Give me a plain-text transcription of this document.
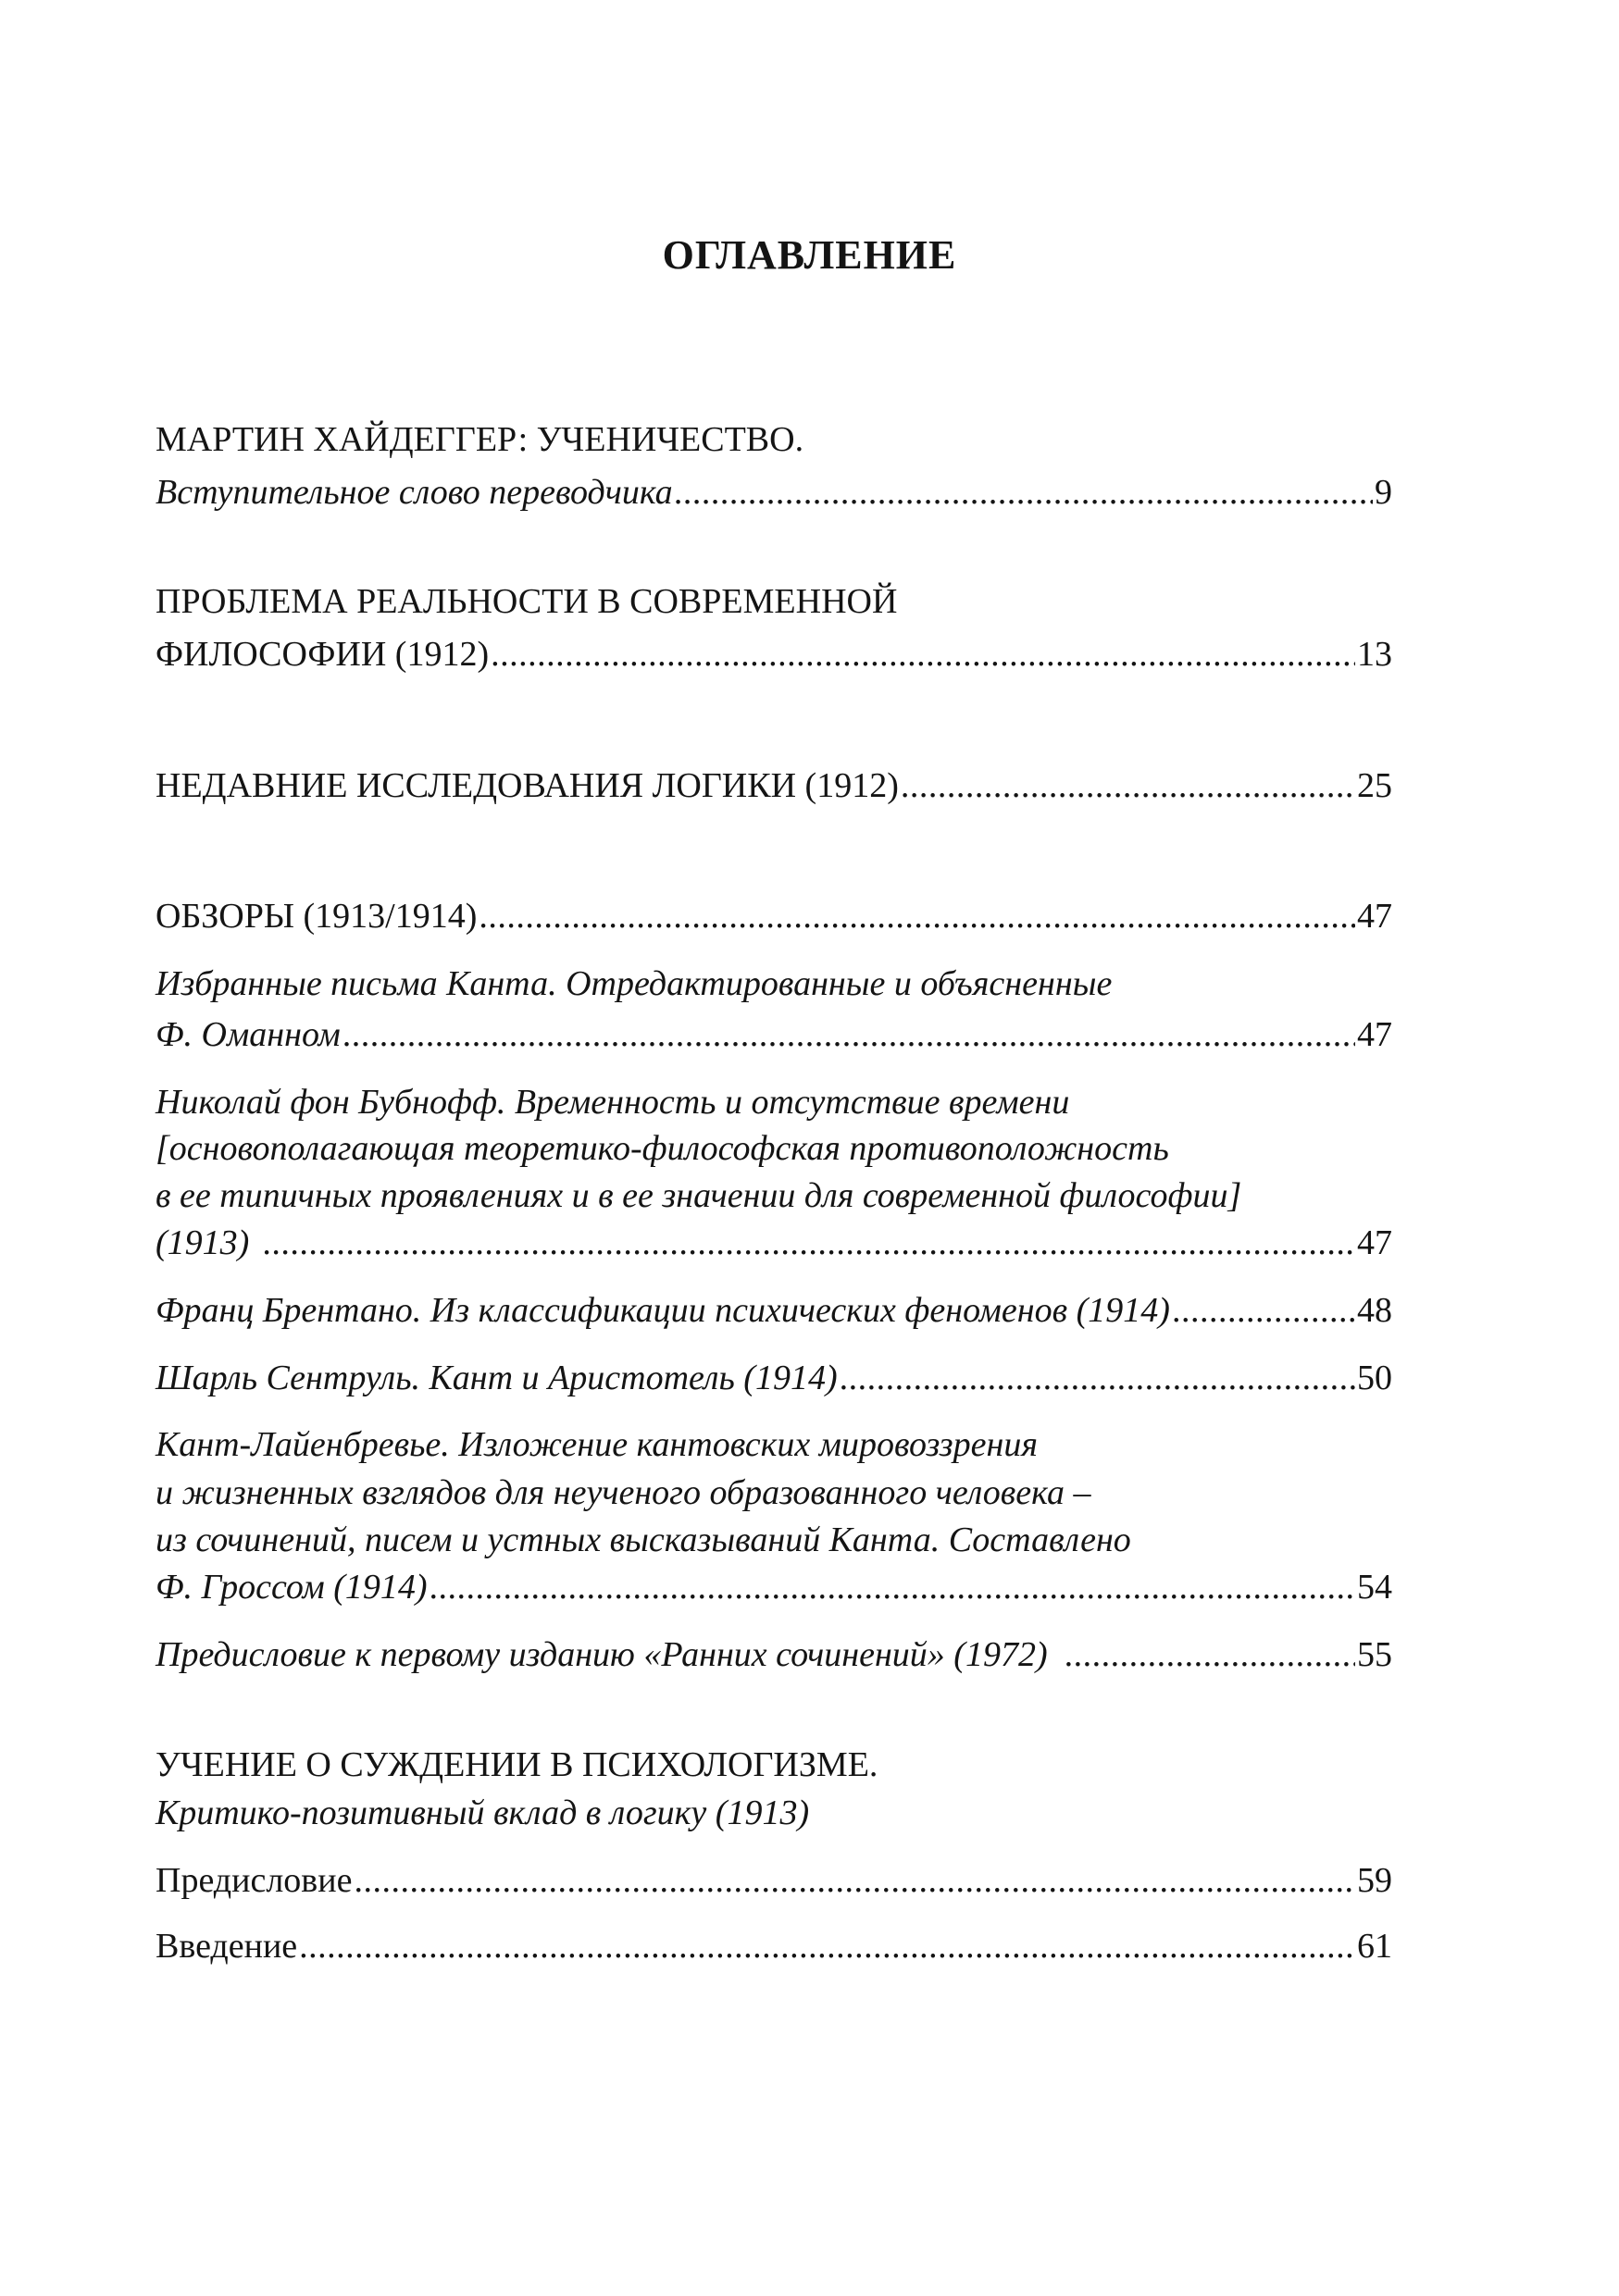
ОГЛАВЛЕНИЕ
МАРТИН ХАЙДЕГГЕР: УЧЕНИЧЕСТВО.
Вступительное слово переводчика .....	9
ПРОБЛЕМА РЕАЛЬНОСТИ В СОВРЕМЕННОЙ
ФИЛОСОФИИ (1912) .....	13
НЕДАВНИЕ ИССЛЕДОВАНИЯ ЛОГИКИ (1912) .....	25
ОБЗОРЫ (1913/1914) .....	47
Избранные письма Канта. Отредактированные и объясненные
Ф. Оманном .....	47
Николай фон Бубнофф. Временность и отсутствие времени
[основополагающая теоретико-философская противоположность
в ее типичных проявлениях и в ее значении для современной философии]
(1913) .....	47
Франц Брентано. Из классификации психических феноменов (1914) .....	48
Шарль Сентруль. Кант и Аристотель (1914) .....	50
Кант-Лайенбревье. Изложение кантовских мировоззрения
и жизненных взглядов для неученого образованного человека –
из сочинений, писем и устных высказываний Канта. Составлено
Ф. Гроссом (1914) .....	54
Предисловие к первому изданию «Ранних сочинений» (1972) .....	55
УЧЕНИЕ О СУЖДЕНИИ В ПСИХОЛОГИЗМЕ.
Критико-позитивный вклад в логику (1913)
Предисловие .....	59
Введение .....	61
